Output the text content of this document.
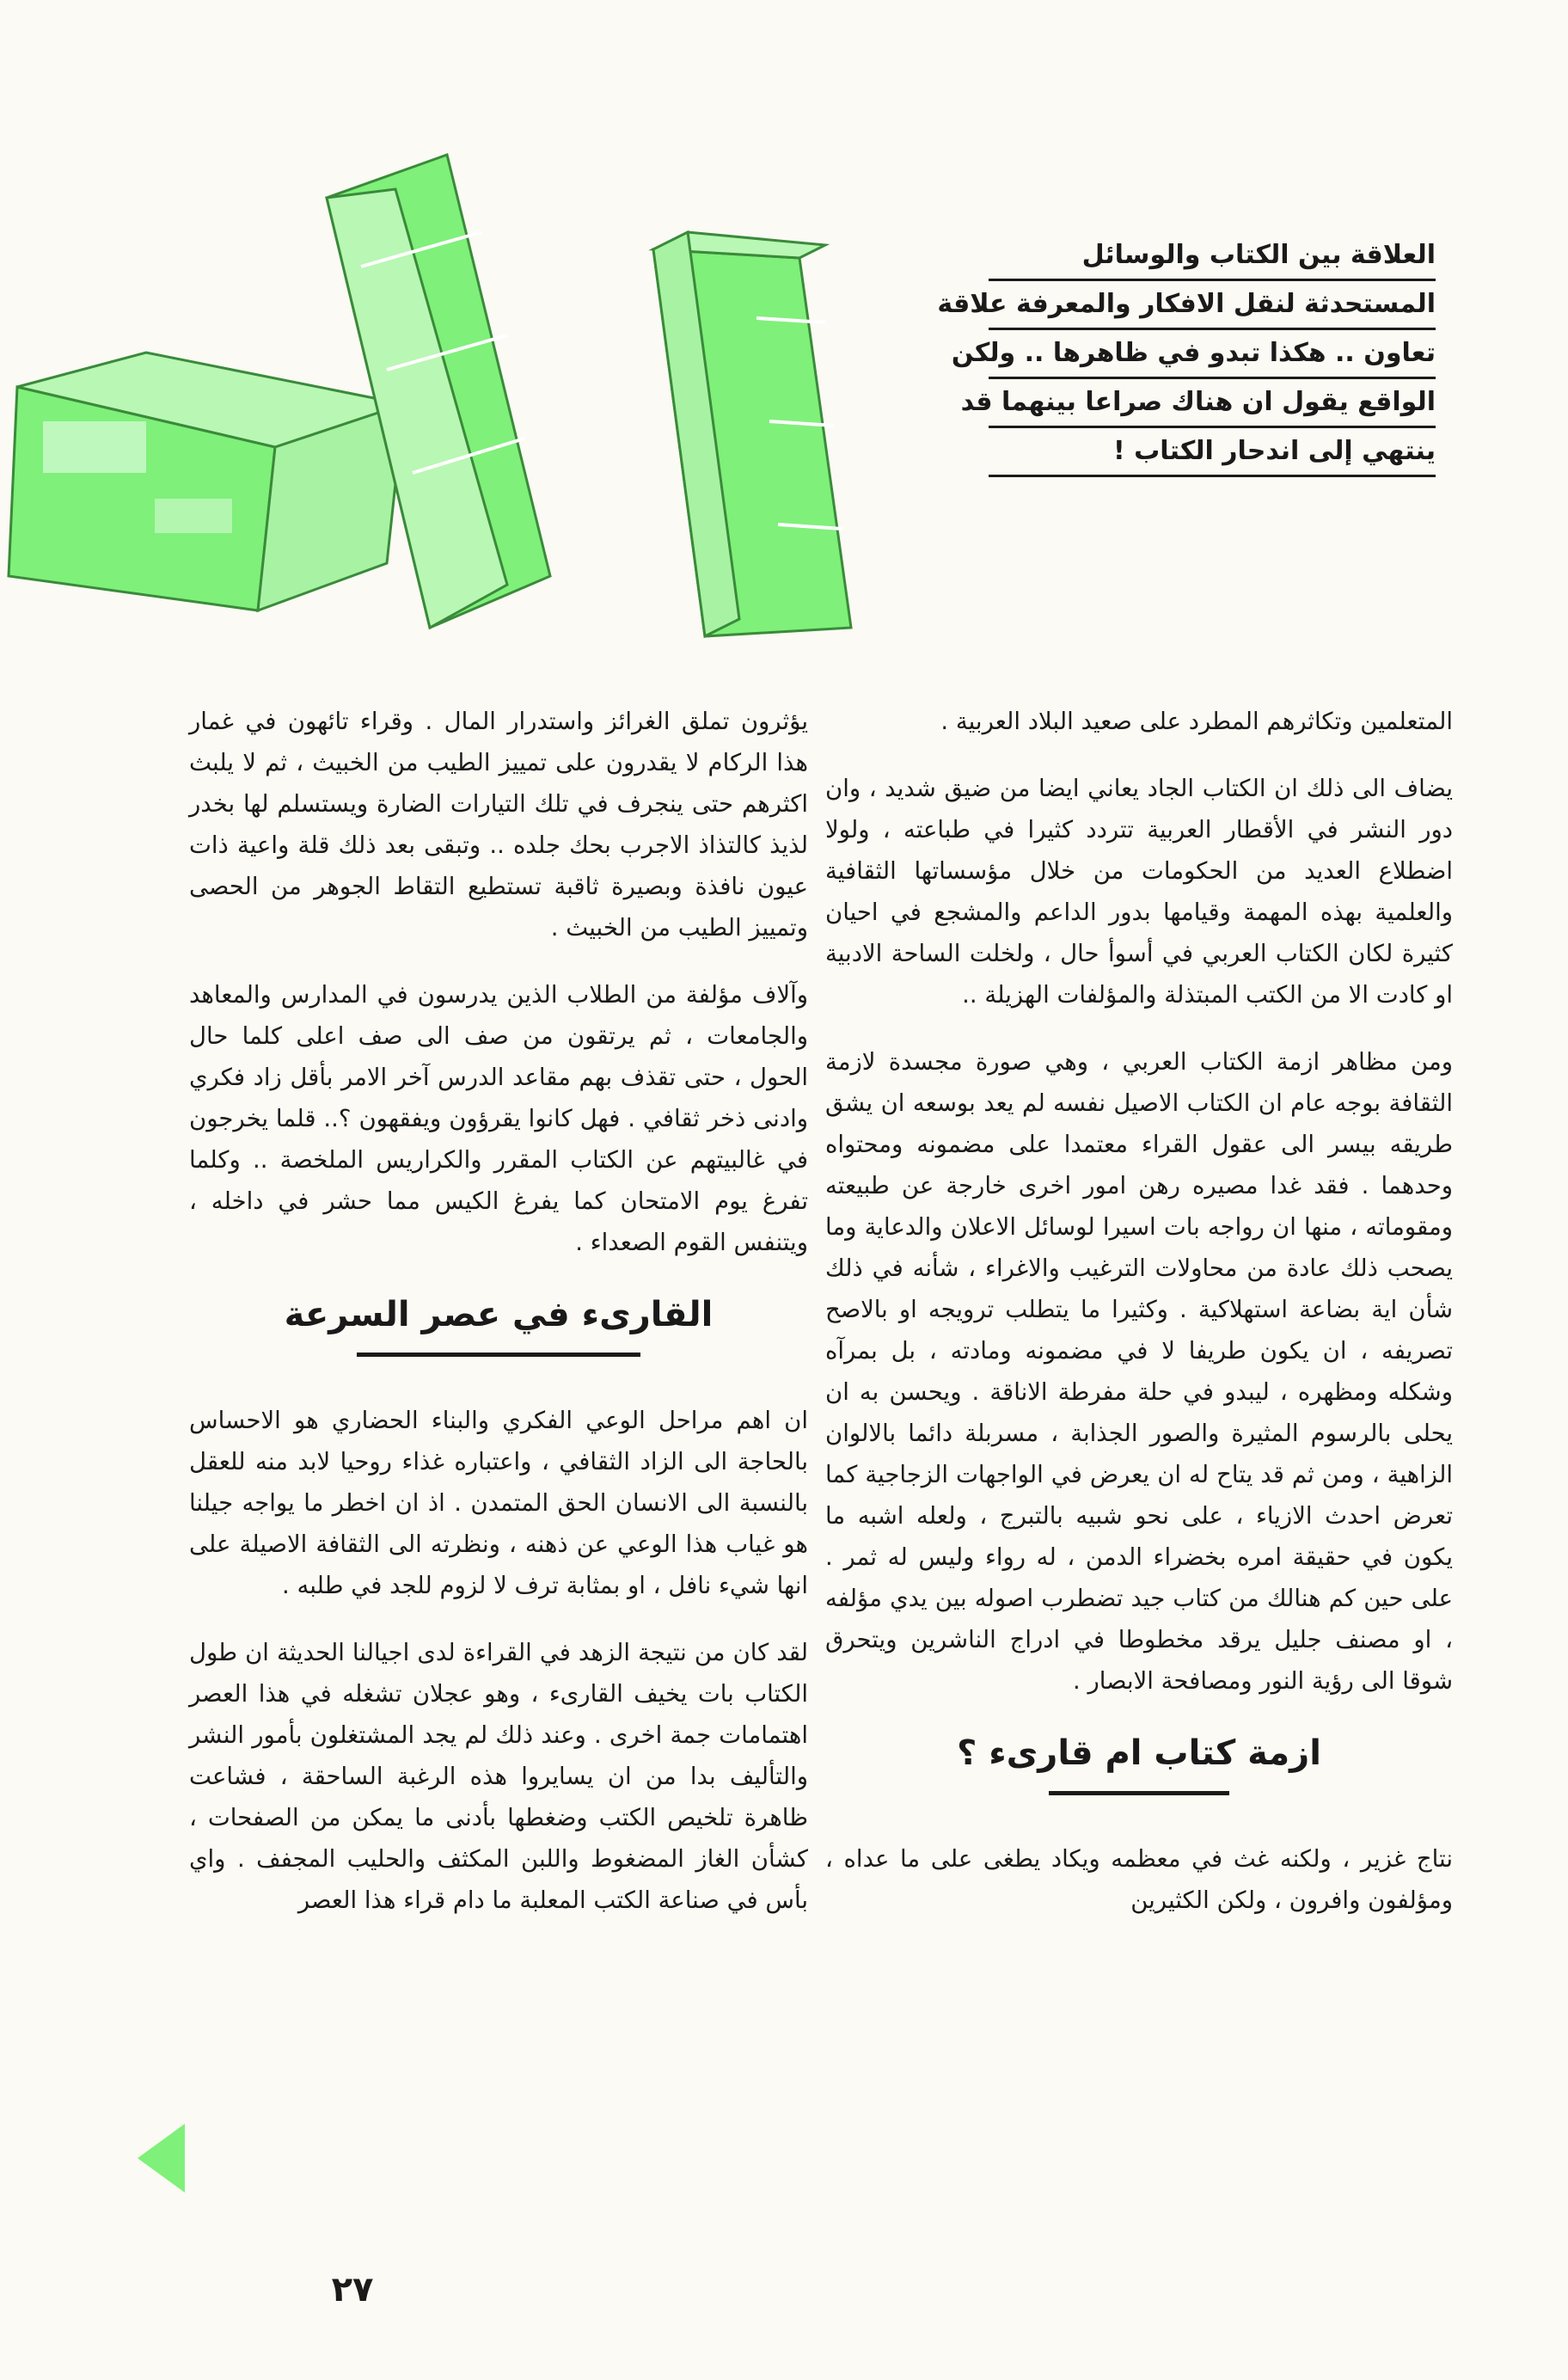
العلاقة بين الكتاب والوسائل
المستحدثة لنقل الافكار والمعرفة علاقة
تعاون .. هكذا تبدو في ظاهرها .. ولكن
الواقع يقول ان هناك صراعا بينهما قد
ينتهي إلى اندحار الكتاب !

المتعلمين وتكاثرهم المطرد على صعيد البلاد العربية .

يضاف الى ذلك ان الكتاب الجاد يعاني ايضا من ضيق شديد ، وان دور النشر في الأقطار العربية تتردد كثيرا في طباعته ، ولولا اضطلاع العديد من الحكومات من خلال مؤسساتها الثقافية والعلمية بهذه المهمة وقيامها بدور الداعم والمشجع في احيان كثيرة لكان الكتاب العربي في أسوأ حال ، ولخلت الساحة الادبية او كادت الا من الكتب المبتذلة والمؤلفات الهزيلة ..

ومن مظاهر ازمة الكتاب العربي ، وهي صورة مجسدة لازمة الثقافة بوجه عام ان الكتاب الاصيل نفسه لم يعد بوسعه ان يشق طريقه بيسر الى عقول القراء معتمدا على مضمونه ومحتواه وحدهما . فقد غدا مصيره رهن امور اخرى خارجة عن طبيعته ومقوماته ، منها ان رواجه بات اسيرا لوسائل الاعلان والدعاية وما يصحب ذلك عادة من محاولات الترغيب والاغراء ، شأنه في ذلك شأن اية بضاعة استهلاكية . وكثيرا ما يتطلب ترويجه او بالاصح تصريفه ، ان يكون طريفا لا في مضمونه ومادته ، بل بمرآه وشكله ومظهره ، ليبدو في حلة مفرطة الاناقة . ويحسن به ان يحلى بالرسوم المثيرة والصور الجذابة ، مسربلة دائما بالالوان الزاهية ، ومن ثم قد يتاح له ان يعرض في الواجهات الزجاجية كما تعرض احدث الازياء ، على نحو شبيه بالتبرج ، ولعله اشبه ما يكون في حقيقة امره بخضراء الدمن ، له رواء وليس له ثمر . على حين كم هنالك من كتاب جيد تضطرب اصوله بين يدي مؤلفه ، او مصنف جليل يرقد مخطوطا في ادراج الناشرين ويتحرق شوقا الى رؤية النور ومصافحة الابصار .

ازمة كتاب ام قارىء ؟

نتاج غزير ، ولكنه غث في معظمه ويكاد يطغى على ما عداه ، ومؤلفون وافرون ، ولكن الكثيرين

يؤثرون تملق الغرائز واستدرار المال . وقراء تائهون في غمار هذا الركام لا يقدرون على تمييز الطيب من الخبيث ، ثم لا يلبث اكثرهم حتى ينجرف في تلك التيارات الضارة ويستسلم لها بخدر لذيذ كالتذاذ الاجرب بحك جلده .. وتبقى بعد ذلك قلة واعية ذات عيون نافذة وبصيرة ثاقبة تستطيع التقاط الجوهر من الحصى وتمييز الطيب من الخبيث .

وآلاف مؤلفة من الطلاب الذين يدرسون في المدارس والمعاهد والجامعات ، ثم يرتقون من صف الى صف اعلى كلما حال الحول ، حتى تقذف بهم مقاعد الدرس آخر الامر بأقل زاد فكري وادنى ذخر ثقافي . فهل كانوا يقرؤون ويفقهون ؟.. قلما يخرجون في غالبيتهم عن الكتاب المقرر والكراريس الملخصة .. وكلما تفرغ يوم الامتحان كما يفرغ الكيس مما حشر في داخله ، ويتنفس القوم الصعداء .

القارىء في عصر السرعة

ان اهم مراحل الوعي الفكري والبناء الحضاري هو الاحساس بالحاجة الى الزاد الثقافي ، واعتباره غذاء روحيا لابد منه للعقل بالنسبة الى الانسان الحق المتمدن . اذ ان اخطر ما يواجه جيلنا هو غياب هذا الوعي عن ذهنه ، ونظرته الى الثقافة الاصيلة على انها شيء نافل ، او بمثابة ترف لا لزوم للجد في طلبه .

لقد كان من نتيجة الزهد في القراءة لدى اجيالنا الحديثة ان طول الكتاب بات يخيف القارىء ، وهو عجلان تشغله في هذا العصر اهتمامات جمة اخرى . وعند ذلك لم يجد المشتغلون بأمور النشر والتأليف بدا من ان يسايروا هذه الرغبة الساحقة ، فشاعت ظاهرة تلخيص الكتب وضغطها بأدنى ما يمكن من الصفحات ، كشأن الغاز المضغوط واللبن المكثف والحليب المجفف . واي بأس في صناعة الكتب المعلبة ما دام قراء هذا العصر

٢٧
